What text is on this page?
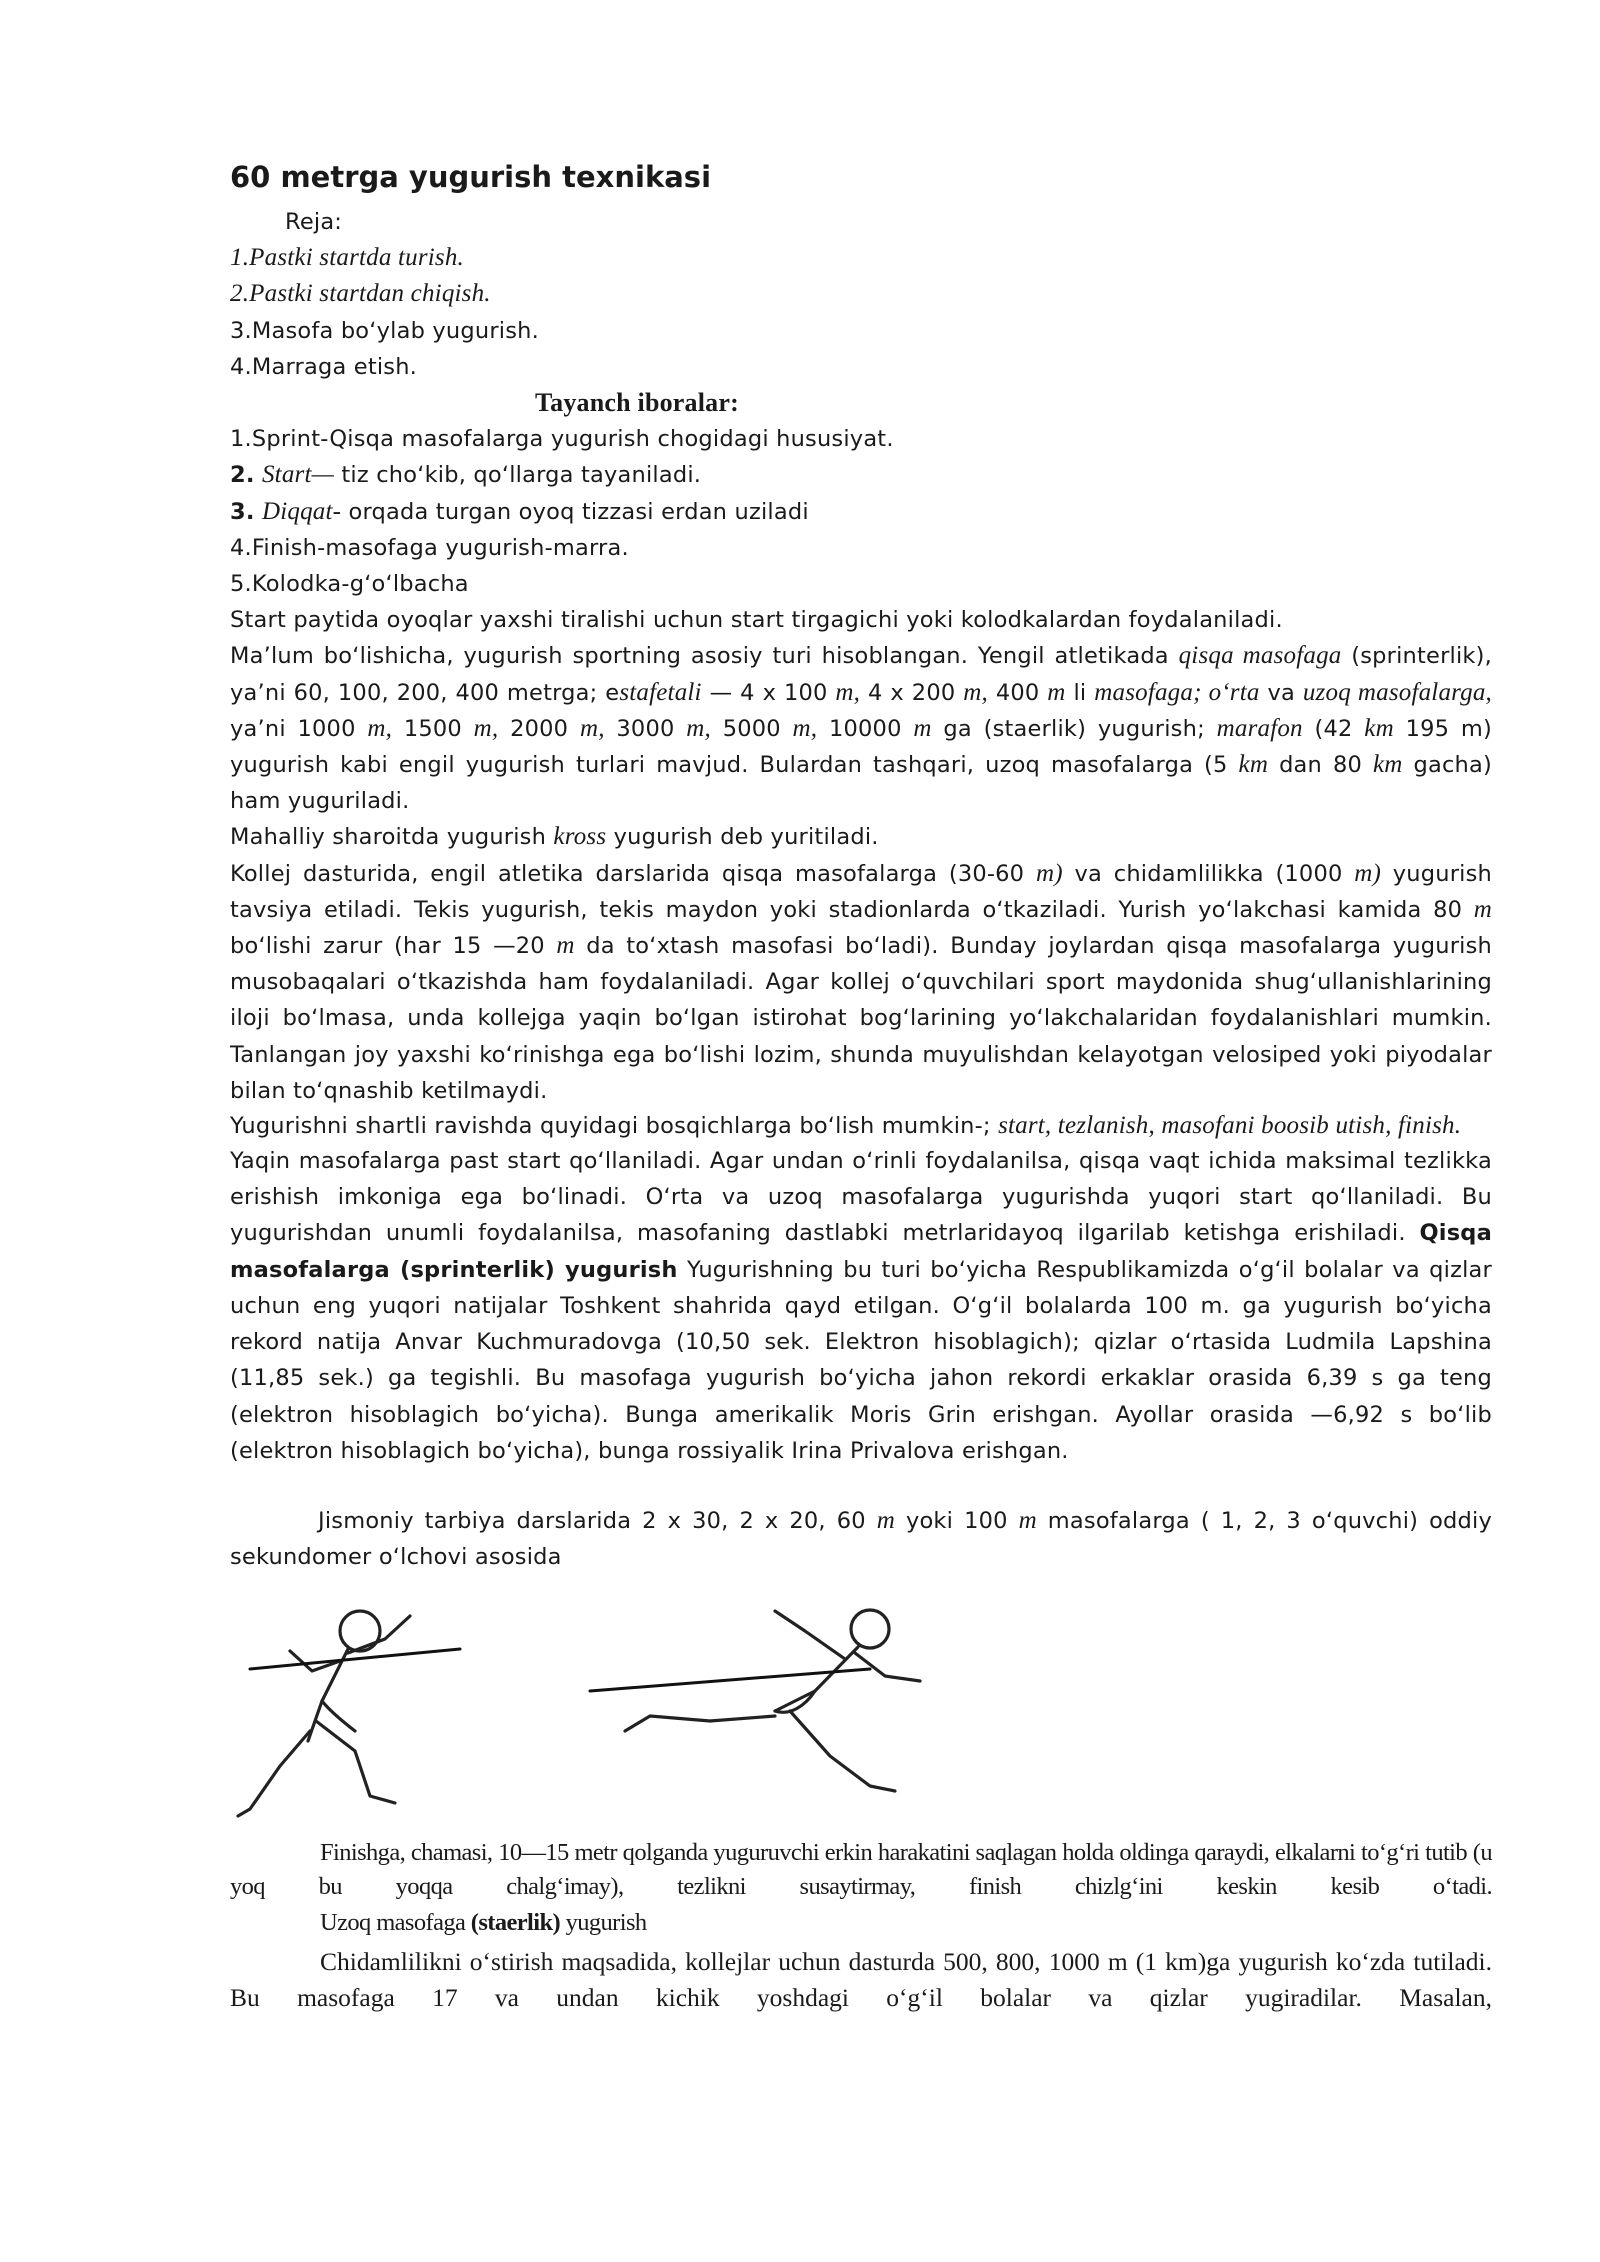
60 metrga yugurish texnikasi

Reja:

1.Pastki startda turish.

2.Pastki startdan chiqish.

3.Masofa boʻylab yugurish.

4.Marraga etish.

Tayanch iboralar:

1.Sprint-Qisqa masofalarga yugurish chogidagi hususiyat.

2. Start— tiz choʻkib, qoʻllarga tayaniladi.

3. Diqqat- orqada turgan oyoq tizzasi erdan uziladi

4.Finish-masofaga yugurish-marra.

5.Kolodka-gʻoʻlbacha

Start paytida oyoqlar yaxshi tiralishi uchun start tirgagichi yoki kolodkalardan foydalaniladi.

Ma’lum boʻlishicha, yugurish sportning asosiy turi hisoblangan. Yengil atletikada qisqa masofaga (sprinterlik), ya’ni 60, 100, 200, 400 metrga; estafetali — 4 x 100 m, 4 x 200 m, 400 m li masofaga; oʻrta va uzoq masofalarga, ya’ni 1000 m, 1500 m, 2000 m, 3000 m, 5000 m, 10000 m ga (staerlik) yugurish; marafon (42 km 195 m) yugurish kabi engil yugurish turlari mavjud. Bulardan tashqari, uzoq masofalarga (5 km dan 80 km gacha) ham yuguriladi.

Mahalliy sharoitda yugurish kross yugurish deb yuritiladi.

Kollej dasturida, engil atletika darslarida qisqa masofalarga (30-60 m) va chidamlilikka (1000 m) yugurish tavsiya etiladi. Tekis yugurish, tekis maydon yoki stadionlarda oʻtkaziladi. Yurish yoʻlakchasi kamida 80 m boʻlishi zarur (har 15 —20 m da toʻxtash masofasi boʻladi). Bunday joylardan qisqa masofalarga yugurish musobaqalari oʻtkazishda ham foydalaniladi. Agar kollej oʻquvchilari sport maydonida shugʻullanishlarining iloji boʻlmasa, unda kollejga yaqin boʻlgan istirohat bogʻlarining yoʻlakchalaridan foydalanishlari mumkin. Tanlangan joy yaxshi koʻrinishga ega boʻlishi lozim, shunda muyulishdan kelayotgan velosiped yoki piyodalar bilan toʻqnashib ketilmaydi.

Yugurishni shartli ravishda quyidagi bosqichlarga boʻlish mumkin-; start, tezlanish, masofani boosib utish, finish.

Yaqin masofalarga past start qoʻllaniladi. Agar undan oʻrinli foydalanilsa, qisqa vaqt ichida maksimal tezlikka erishish imkoniga ega boʻlinadi. Oʻrta va uzoq masofalarga yugurishda yuqori start qoʻllaniladi. Bu yugurishdan unumli foydalanilsa, masofaning dastlabki metrlaridayoq ilgarilab ketishga erishiladi. Qisqa masofalarga (sprinterlik) yugurish Yugurishning bu turi boʻyicha Respublikamizda oʻgʻil bolalar va qizlar uchun eng yuqori natijalar Toshkent shahrida qayd etilgan. Oʻgʻil bolalarda 100 m. ga yugurish boʻyicha rekord natija Anvar Kuchmuradovga (10,50 sek. Elektron hisoblagich); qizlar oʻrtasida Ludmila Lapshina (11,85 sek.) ga tegishli. Bu masofaga yugurish boʻyicha jahon rekordi erkaklar orasida 6,39 s ga teng (elektron hisoblagich boʻyicha). Bunga amerikalik Moris Grin erishgan. Ayollar orasida —6,92 s boʻlib (elektron hisoblagich boʻyicha), bunga rossiyalik Irina Privalova erishgan.

Jismoniy tarbiya darslarida 2 x 30, 2 x 20, 60 m yoki 100 m masofalarga ( 1, 2, 3 oʻquvchi) oddiy sekundomer oʻlchovi asosida

Finishga, chamasi, 10—15 metr qolganda yuguruvchi erkin harakatini saqlagan holda oldinga qaraydi, elkalarni toʻgʻri tutib (u yoq bu yoqqa chalgʻimay), tezlikni susaytirmay, finish chizlgʻini keskin kesib oʻtadi.

Uzoq masofaga (staerlik) yugurish

Chidamlilikni oʻstirish maqsadida, kollejlar uchun dasturda 500, 800, 1000 m (1 km)ga yugurish koʻzda tutiladi. Bu masofaga 17 va undan kichik yoshdagi oʻgʻil bolalar va qizlar yugiradilar. Masalan,
